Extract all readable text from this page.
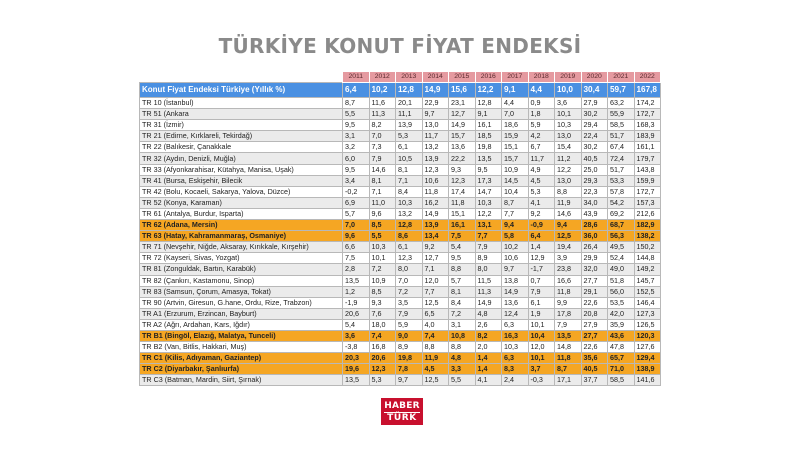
TÜRKİYE KONUT FİYAT ENDEKSİ
	2011	2012	2013	2014	2015	2016	2017	2018	2019	2020	2021	2022
Konut Fiyat Endeksi Türkiye (Yıllık %)	6,4	10,2	12,8	14,9	15,6	12,2	9,1	4,4	10,0	30,4	59,7	167,8
TR 10 (İstanbul)	8,7	11,6	20,1	22,9	23,1	12,8	4,4	0,9	3,6	27,9	63,2	174,2
TR 51 (Ankara	5,5	11,3	11,1	9,7	12,7	9,1	7,0	1,8	10,1	30,2	55,9	172,7
TR 31 (İzmir)	9,5	8,2	13,9	13,0	14,9	16,1	18,6	5,9	10,3	29,4	58,5	168,3
TR 21 (Edirne, Kırklareli, Tekirdağ)	3,1	7,0	5,3	11,7	15,7	18,5	15,9	4,2	13,0	22,4	51,7	183,9
TR 22 (Balıkesir, Çanakkale	3,2	7,3	6,1	13,2	13,6	19,8	15,1	6,7	15,4	30,2	67,4	161,1
TR 32 (Aydın, Denizli, Muğla)	6,0	7,9	10,5	13,9	22,2	13,5	15,7	11,7	11,2	40,5	72,4	179,7
TR 33 (Afyonkarahisar, Kütahya, Manisa, Uşak)	9,5	14,6	8,1	12,3	9,3	9,5	10,9	4,9	12,2	25,0	51,7	143,8
TR 41 (Bursa, Eskişehir, Bilecik	3,4	8,1	7,1	10,6	12,3	17,3	14,5	4,5	13,0	29,3	53,3	159,9
TR 42 (Bolu, Kocaeli, Sakarya, Yalova, Düzce)	-0,2	7,1	8,4	11,8	17,4	14,7	10,4	5,3	8,8	22,3	57,8	172,7
TR 52 (Konya, Karaman)	6,9	11,0	10,3	16,2	11,8	10,3	8,7	4,1	11,9	34,0	54,2	157,3
TR 61 (Antalya, Burdur, Isparta)	5,7	9,6	13,2	14,9	15,1	12,2	7,7	9,2	14,6	43,9	69,2	212,6
TR 62 (Adana, Mersin)	7,0	8,5	12,8	13,9	16,1	13,1	9,4	-0,9	9,4	28,6	68,7	182,9
TR 63 (Hatay, Kahramanmaraş, Osmaniye)	9,6	5,5	8,6	13,4	7,5	7,7	5,8	6,4	12,5	36,0	56,3	138,2
TR 71 (Nevşehir, Niğde, Aksaray, Kırıkkale, Kırşehir)	6,6	10,3	6,1	9,2	5,4	7,9	10,2	1,4	19,4	26,4	49,5	150,2
TR 72 (Kayseri, Sivas, Yozgat)	7,5	10,1	12,3	12,7	9,5	8,9	10,6	12,9	3,9	29,9	52,4	144,8
TR 81 (Zonguldak, Bartın, Karabük)	2,8	7,2	8,0	7,1	8,8	8,0	9,7	-1,7	23,8	32,0	49,0	149,2
TR 82 (Çankırı, Kastamonu, Sinop)	13,5	10,9	7,0	12,0	5,7	11,5	13,8	0,7	16,6	27,7	51,8	145,7
TR 83 (Samsun, Çorum, Amasya, Tokat)	1,2	8,5	7,2	7,7	8,1	11,3	14,9	7,9	11,8	29,1	56,0	152,5
TR 90 (Artvin, Giresun, G.hane, Ordu, Rize, Trabzon)	-1,9	9,3	3,5	12,5	8,4	14,9	13,6	6,1	9,9	22,6	53,5	146,4
TR A1 (Erzurum, Erzincan, Bayburt)	20,6	7,6	7,9	6,5	7,2	4,8	12,4	1,9	17,8	20,8	42,0	127,3
TR A2 (Ağrı, Ardahan, Kars, Iğdır)	5,4	18,0	5,9	4,0	3,1	2,6	6,3	10,1	7,9	27,9	35,9	126,5
TR B1 (Bingöl, Elazığ, Malatya, Tunceli)	3,6	7,4	9,0	7,4	10,8	8,2	16,3	10,4	13,5	27,7	43,6	120,3
TR B2 (Van, Bitlis, Hakkari, Muş)	-3,8	16,8	8,9	8,8	8,8	2,0	10,3	12,0	14,8	22,6	47,8	127,6
TR C1 (Kilis, Adıyaman, Gaziantep)	20,3	20,6	19,8	11,9	4,8	1,4	6,3	10,1	11,8	35,6	65,7	129,4
TR C2 (Diyarbakır, Şanlıurfa)	19,6	12,3	7,8	4,5	3,3	1,4	8,3	3,7	8,7	40,5	71,0	138,9
TR C3 (Batman, Mardin, Siirt, Şırnak)	13,5	5,3	9,7	12,5	5,5	4,1	2,4	-0,3	17,1	37,7	58,5	141,6
HABER
TÜRK
